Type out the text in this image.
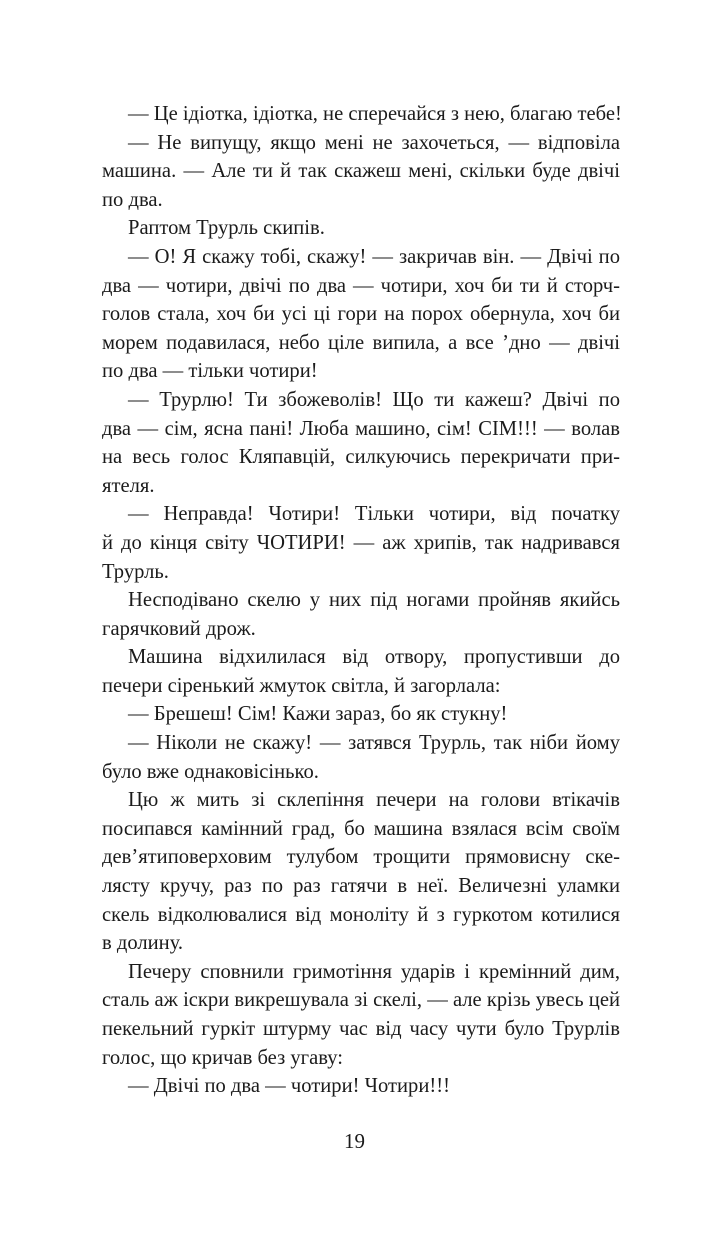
— Це ідіотка, ідіотка, не сперечайся з нею, благаю тебе!
— Не випущу, якщо мені не захочеться, — відповіла
машина. — Але ти й так скажеш мені, скільки буде двічі
по два.
Раптом Трурль скипів.
— О! Я скажу тобі, скажу! — закричав він. — Двічі по
два — чотири, двічі по два — чотири, хоч би ти й сторч-
голов стала, хоч би усі ці гори на порох обернула, хоч би
морем подавилася, небо ціле випила, а все ’дно — двічі
по два — тільки чотири!
— Трурлю! Ти збожеволів! Що ти кажеш? Двічі по
два — сім, ясна пані! Люба машино, сім! СІМ!!! — волав
на весь голос Кляпавцій, силкуючись перекричати при-
ятеля.
— Неправда! Чотири! Тільки чотири, від початку
й до кінця світу ЧОТИРИ! — аж хрипів, так надривався
Трурль.
Несподівано скелю у них під ногами пройняв якийсь
гарячковий дрож.
Машина відхилилася від отвору, пропустивши до
печери сіренький жмуток світла, й загорлала:
— Брешеш! Сім! Кажи зараз, бо як стукну!
— Ніколи не скажу! — затявся Трурль, так ніби йому
було вже однаковісінько.
Цю ж мить зі склепіння печери на голови втікачів
посипався камінний град, бо машина взялася всім своїм
дев’ятиповерховим тулубом трощити прямовисну ске-
лясту кручу, раз по раз гатячи в неї. Величезні уламки
скель відколювалися від моноліту й з гуркотом котилися
в долину.
Печеру сповнили гримотіння ударів і кремінний дим,
сталь аж іскри викрешувала зі скелі, — але крізь увесь цей
пекельний гуркіт штурму час від часу чути було Трурлів
голос, що кричав без угаву:
— Двічі по два — чотири! Чотири!!!
19
